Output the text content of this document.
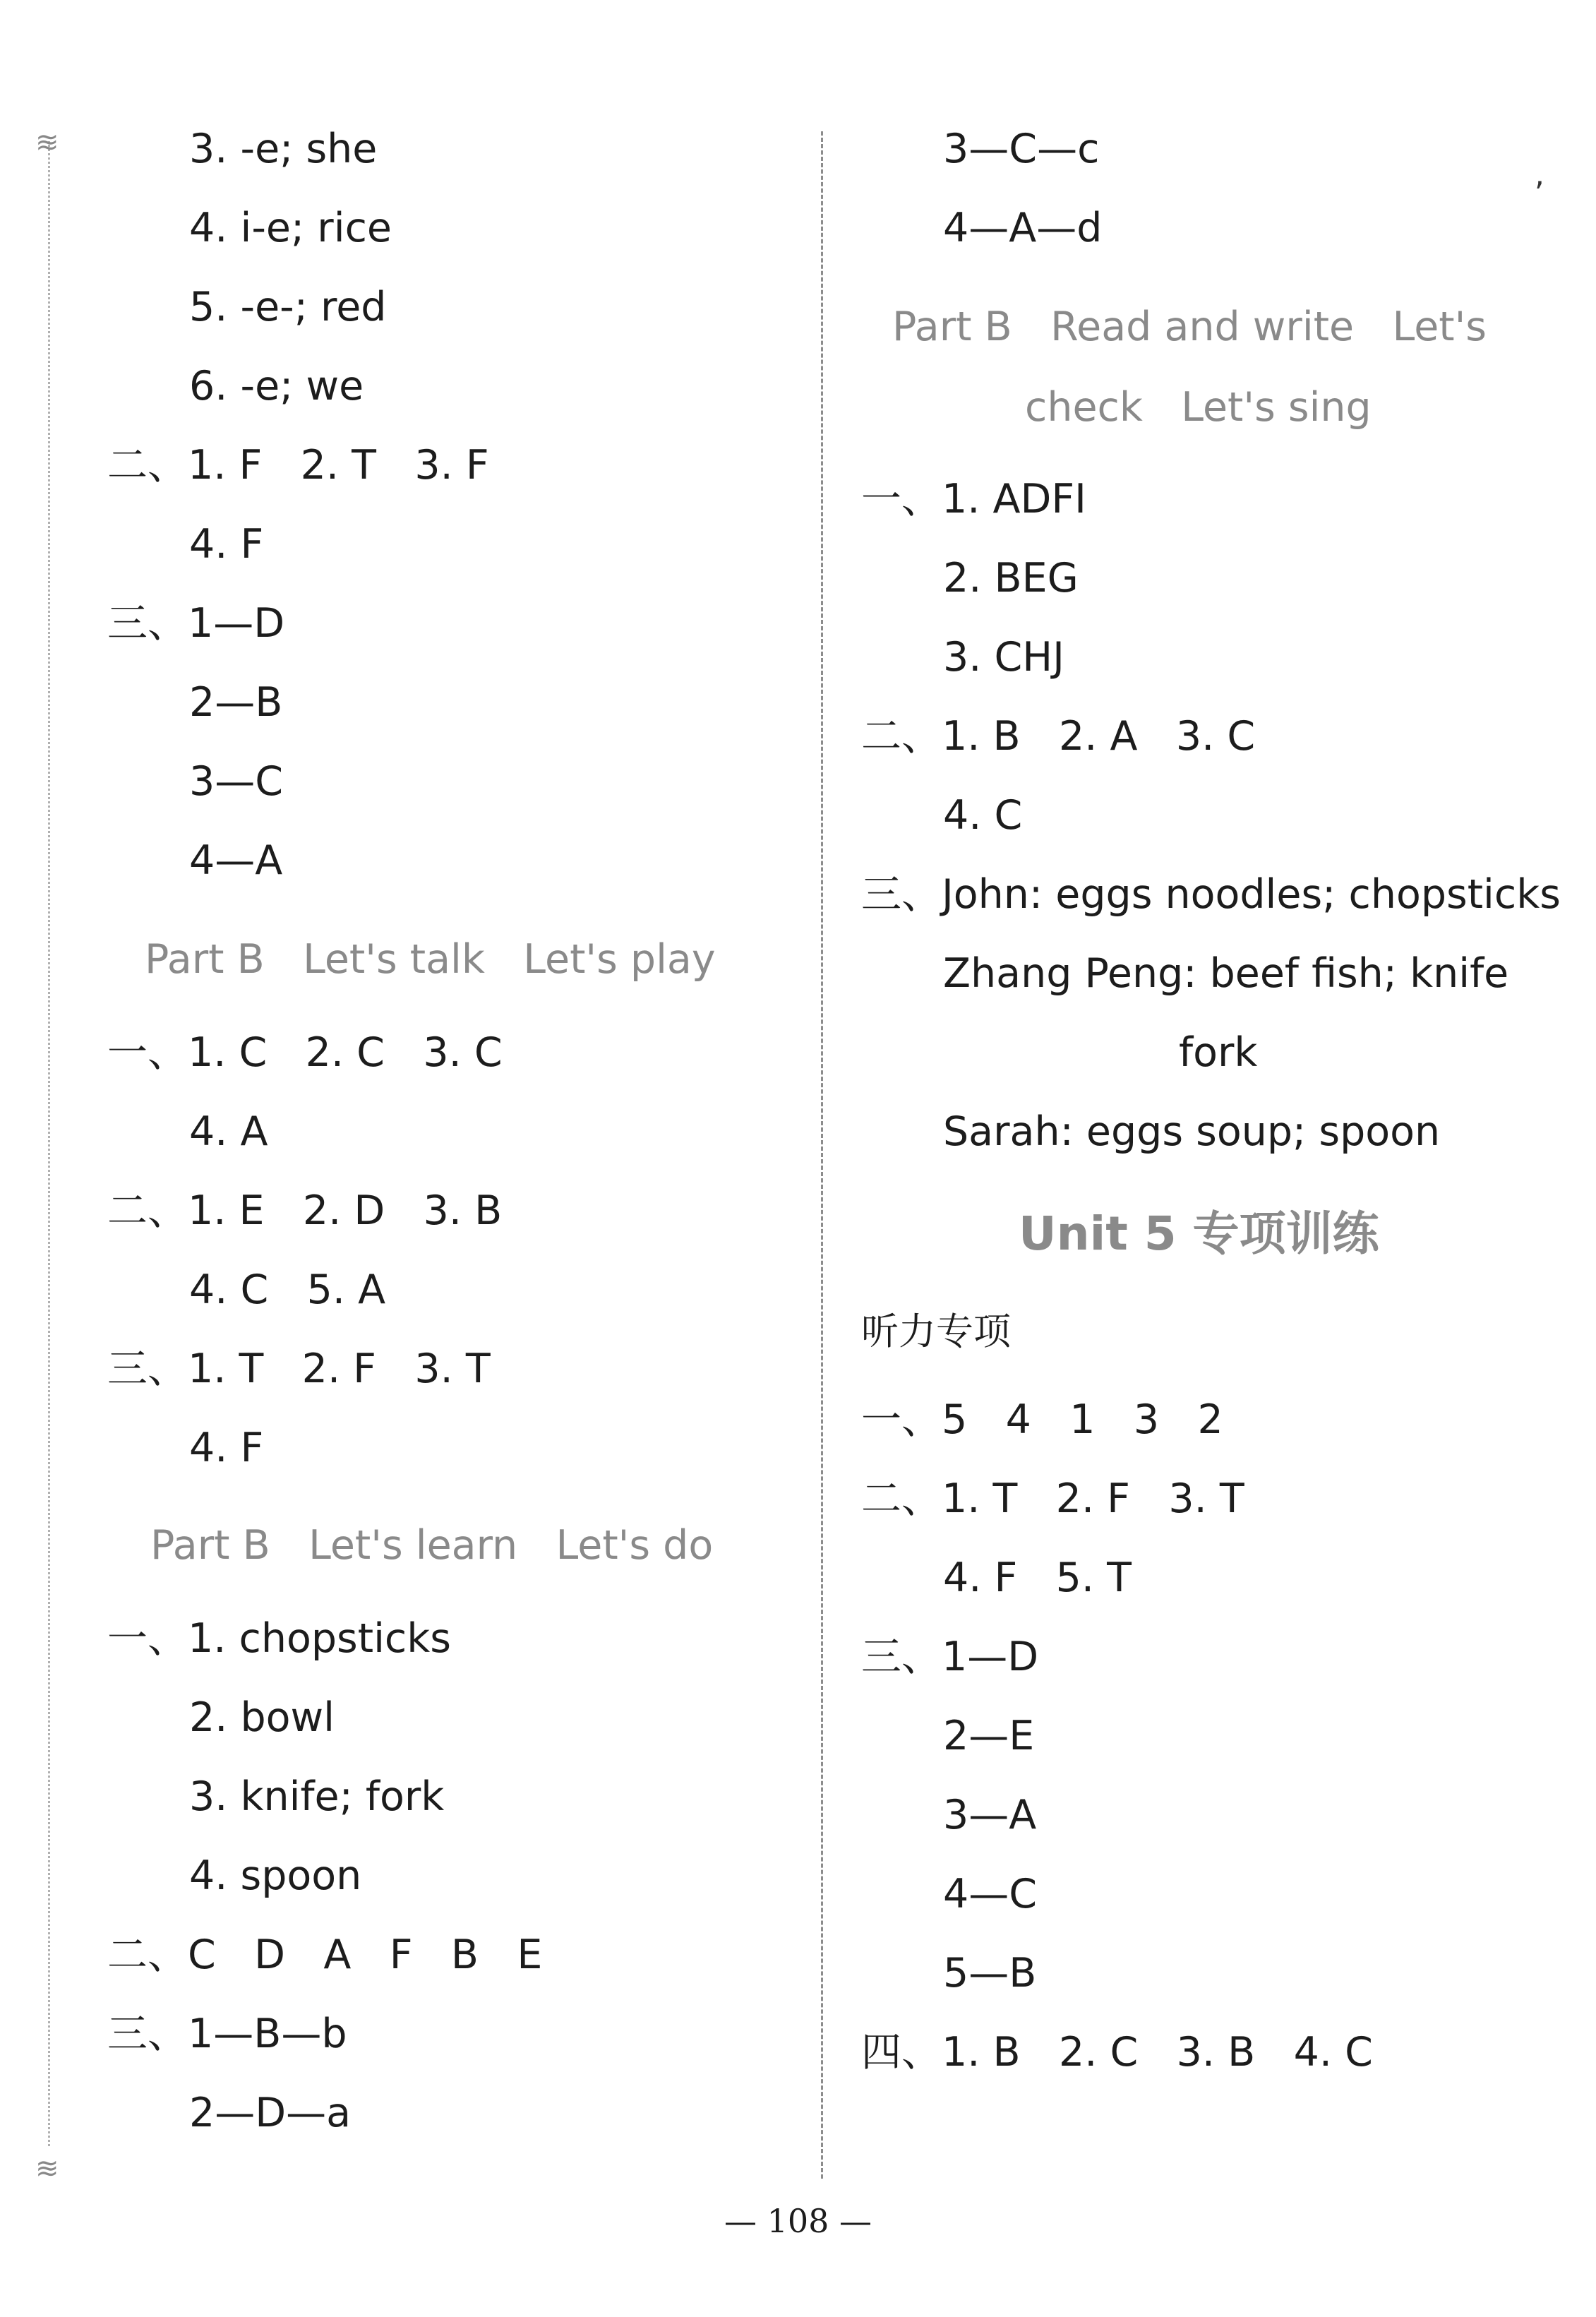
≋
≋
,
3. -e; she
4. i-e; rice
5. -e-; red
6. -e; we
二、1. F   2. T   3. F
4. F
三、1—D
2—B
3—C
4—A
Part B   Let's talk   Let's play
一、1. C   2. C   3. C
4. A
二、1. E   2. D   3. B
4. C   5. A
三、1. T   2. F   3. T
4. F
Part B   Let's learn   Let's do
一、1. chopsticks
2. bowl
3. knife; fork
4. spoon
二、C   D   A   F   B   E
三、1—B—b
2—D—a
3—C—c
4—A—d
Part B   Read and write   Let's
check   Let's sing
一、1. ADFI
2. BEG
3. CHJ
二、1. B   2. A   3. C
4. C
三、John: eggs noodles; chopsticks
Zhang Peng: beef fish; knife
fork
Sarah: eggs soup; spoon
Unit 5 专项训练
听力专项
一、5   4   1   3   2
二、1. T   2. F   3. T
4. F   5. T
三、1—D
2—E
3—A
4—C
5—B
四、1. B   2. C   3. B   4. C
— 108 —
